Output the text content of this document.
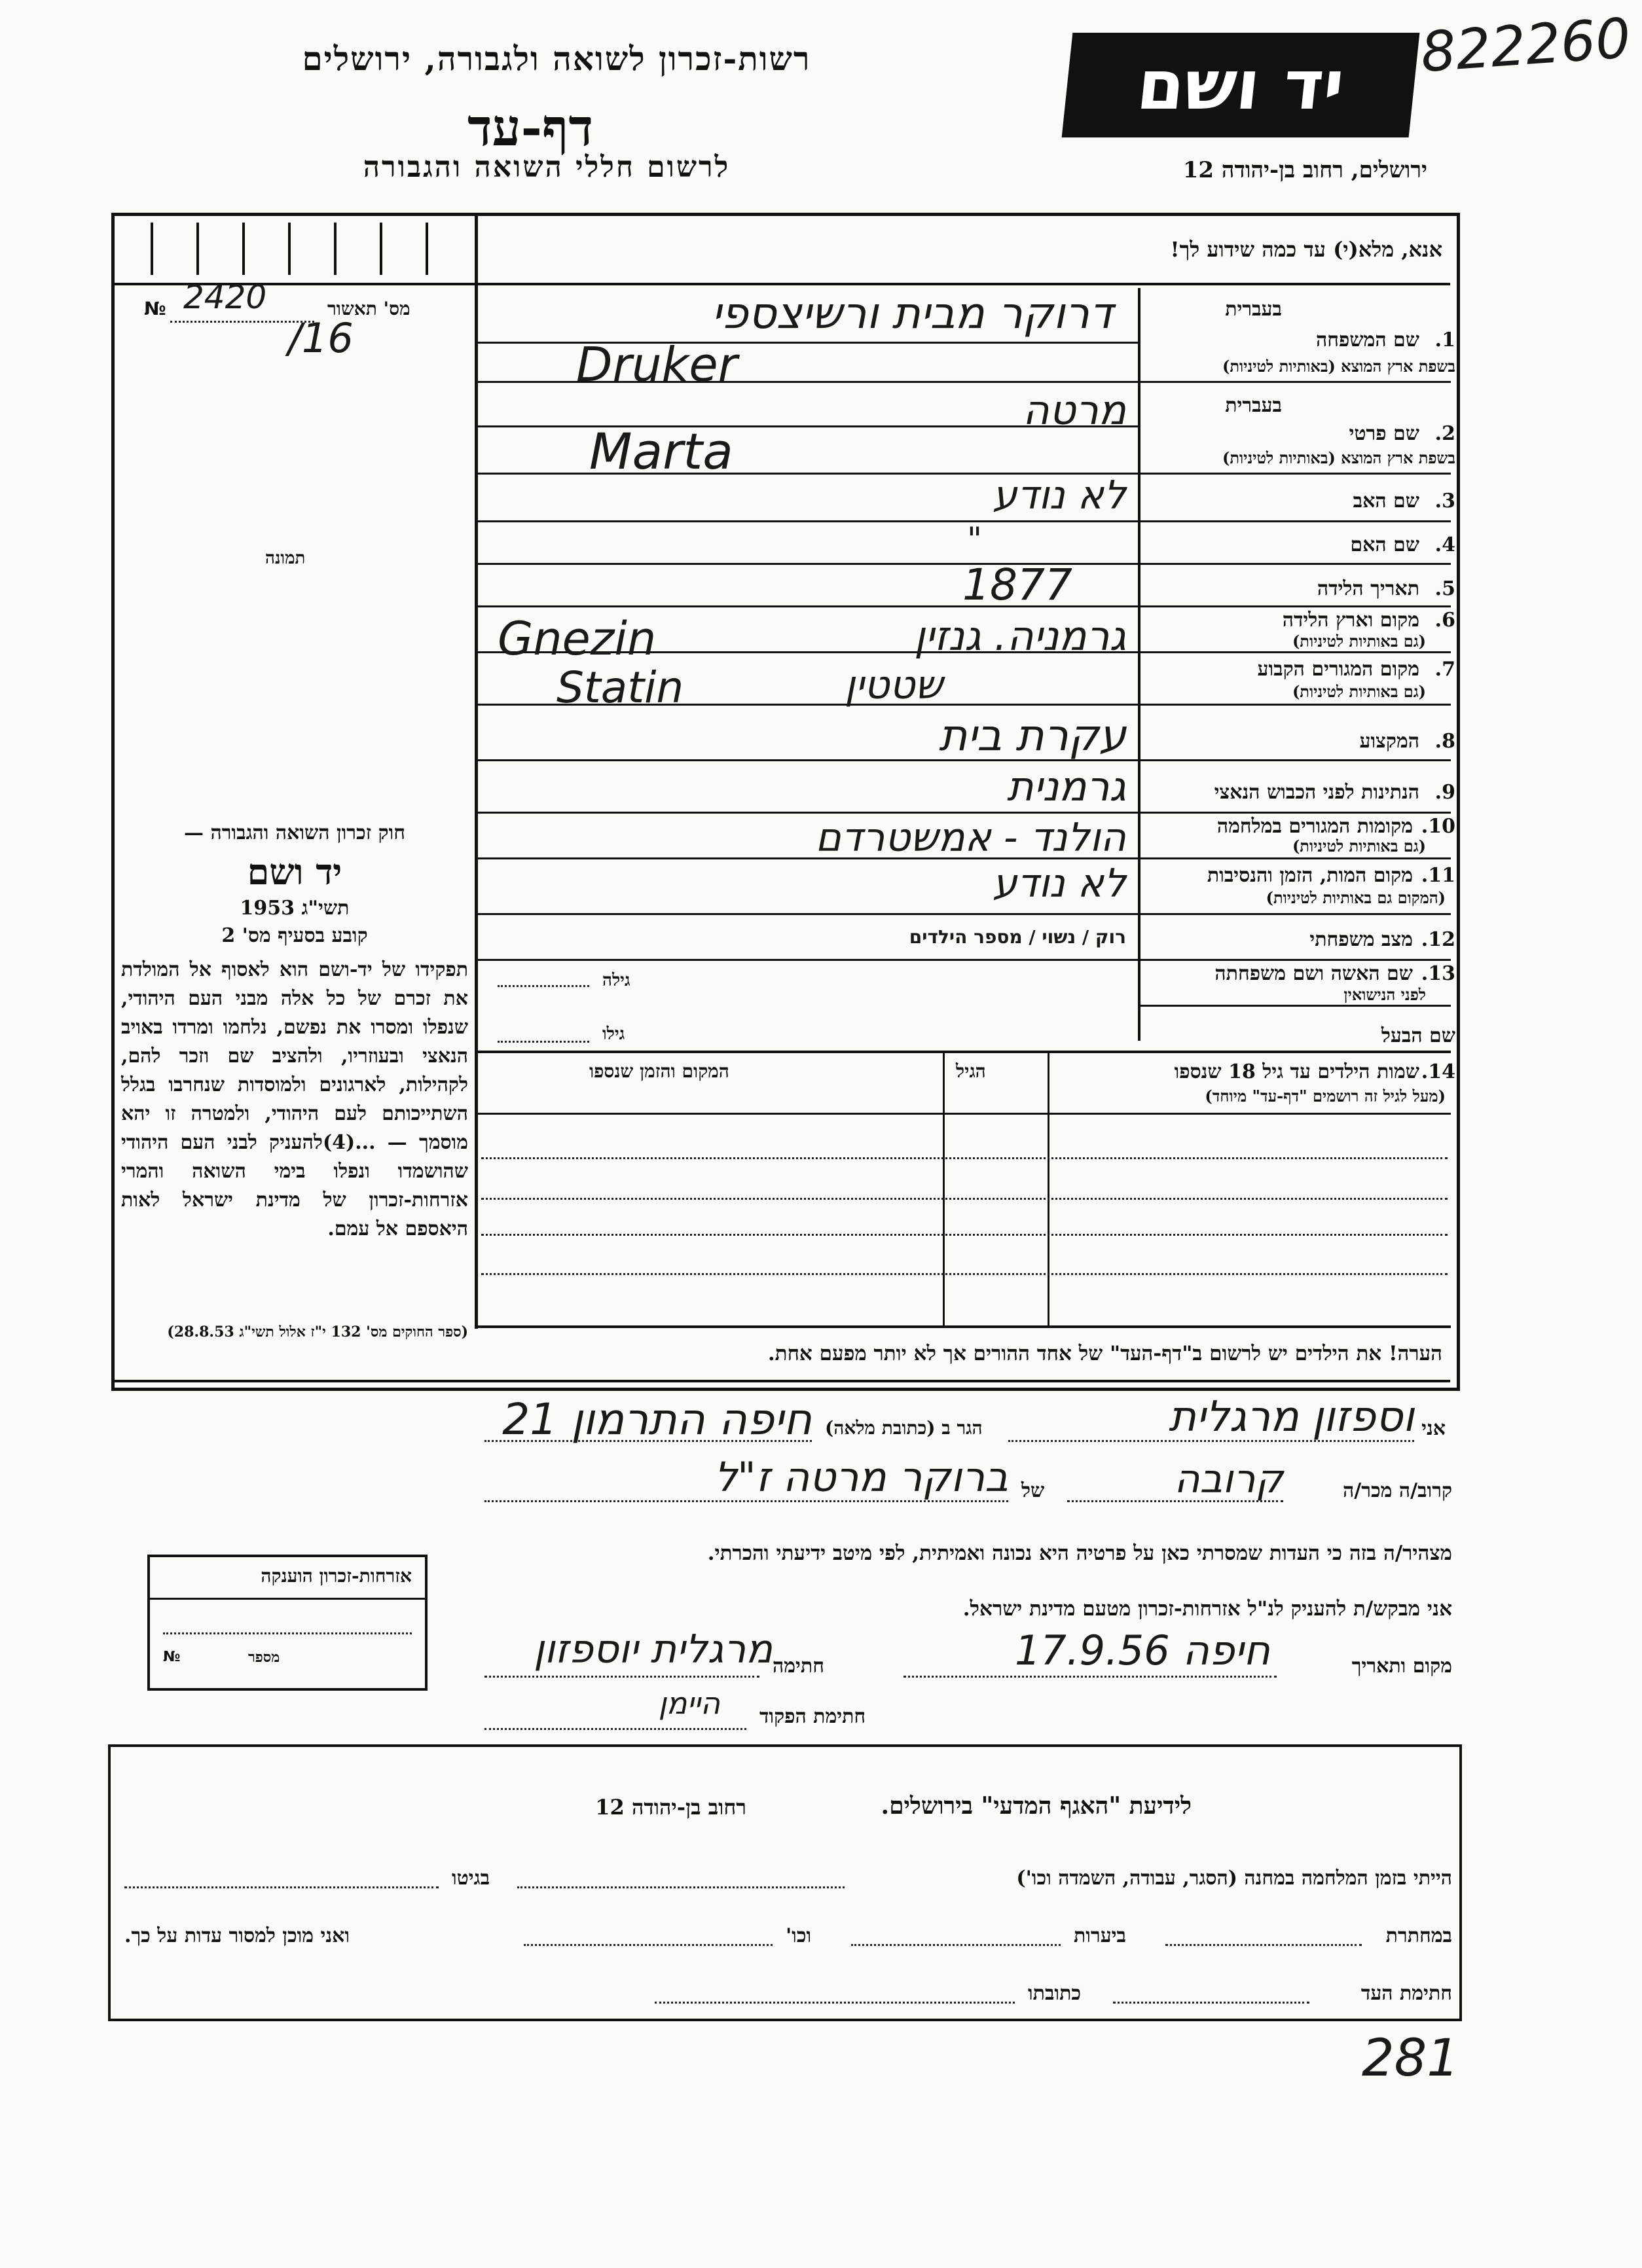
רשות-זכרון לשואה ולגבורה, ירושלים
דף-עד
לרשום חללי השואה והגבורה
יד ושם
ירושלים, רחוב בן-יהודה 12
822260
אנא, מלא(י) עד כמה שידוע לך!
מס' תאשור
№ 2420
/16
תמונה
בעברית
1.
שם המשפחה
בשפת ארץ המוצא (באותיות לטיניות)
בעברית
2.
שם פרטי
בשפת ארץ המוצא (באותיות לטיניות)
3.
שם האב
4.
שם האם
5.
תאריך הלידה
6.
מקום וארץ הלידה
(גם באותיות לטיניות)
7.
מקום המגורים הקבוע
(גם באותיות לטיניות)
8.
המקצוע
9.
הנתינות לפני הכבוש הנאצי
10.
מקומות המגורים במלחמה
(גם באותיות לטיניות)
11.
מקום המות, הזמן והנסיבות
(המקום גם באותיות לטיניות)
12.
מצב משפחתי
13.
שם האשה ושם משפחתה
לפני הנישואין
שם הבעל
דרוקר מבית ורשיצספי
Druker
מרטה
Marta
לא נודע
"
1877
Gnezin	גרמניה. גנזין
Statin	שטטין
עקרת בית
גרמנית
הולנד - אמשטרדם
לא נודע
רוק / נשוי / מספר הילדים
גילה
גילו
14.
שמות הילדים עד גיל 18 שנספו
(מעל לגיל זה רושמים "דף-עד" מיוחד)
הגיל
המקום והזמן שנספו
הערה! את הילדים יש לרשום ב"דף-העד" של אחד ההורים אך לא יותר מפעם אחת.
חוק זכרון השואה והגבורה —
יד ושם
תשי"ג 1953
קובע בסעיף מס' 2
תפקידו של יד-ושם הוא לאסוף אל המולדת את זכרם של כל אלה מבני העם היהודי, שנפלו ומסרו את נפשם, נלחמו ומרדו באויב הנאצי ובעוזריו, ולהציב שם וזכר להם, לקהילות, לארגונים ולמוסדות שנחרבו בגלל השתייכותם לעם היהודי, ולמטרה זו יהא מוסמך — ...(4)להעניק לבני העם היהודי שהושמדו ונפלו בימי השואה והמרי אזרחות-זכרון של מדינת ישראל לאות היאספם אל עמם.
(ספר החוקים מס' 132 י"ז אלול תשי"ג 28.8.53)
אני
וספזון מרגלית
הגר ב (כתובת מלאה)
חיפה התרמון 21
קרוב/ה מכר/ה
קרובה
של
ברוקר מרטה ז"ל
מצהיר/ה בזה כי העדות שמסרתי כאן על פרטיה היא נכונה ואמיתית, לפי מיטב ידיעתי והכרתי.
אני מבקש/ת להעניק לנ"ל אזרחות-זכרון מטעם מדינת ישראל.
מקום ותאריך
חיפה 17.9.56
חתימה
מרגלית יוספזון
חתימת הפקוד
היימן
אזרחות-זכרון הוענקה
מספר
№
לידיעת "האגף המדעי" בירושלים.
רחוב בן-יהודה 12
הייתי בזמן המלחמה במחנה (הסגר, עבודה, השמדה וכו')
בגיטו
במחתרת
ביערות
וכו'
ואני מוכן למסור עדות על כך.
חתימת העד
כתובתו
281
